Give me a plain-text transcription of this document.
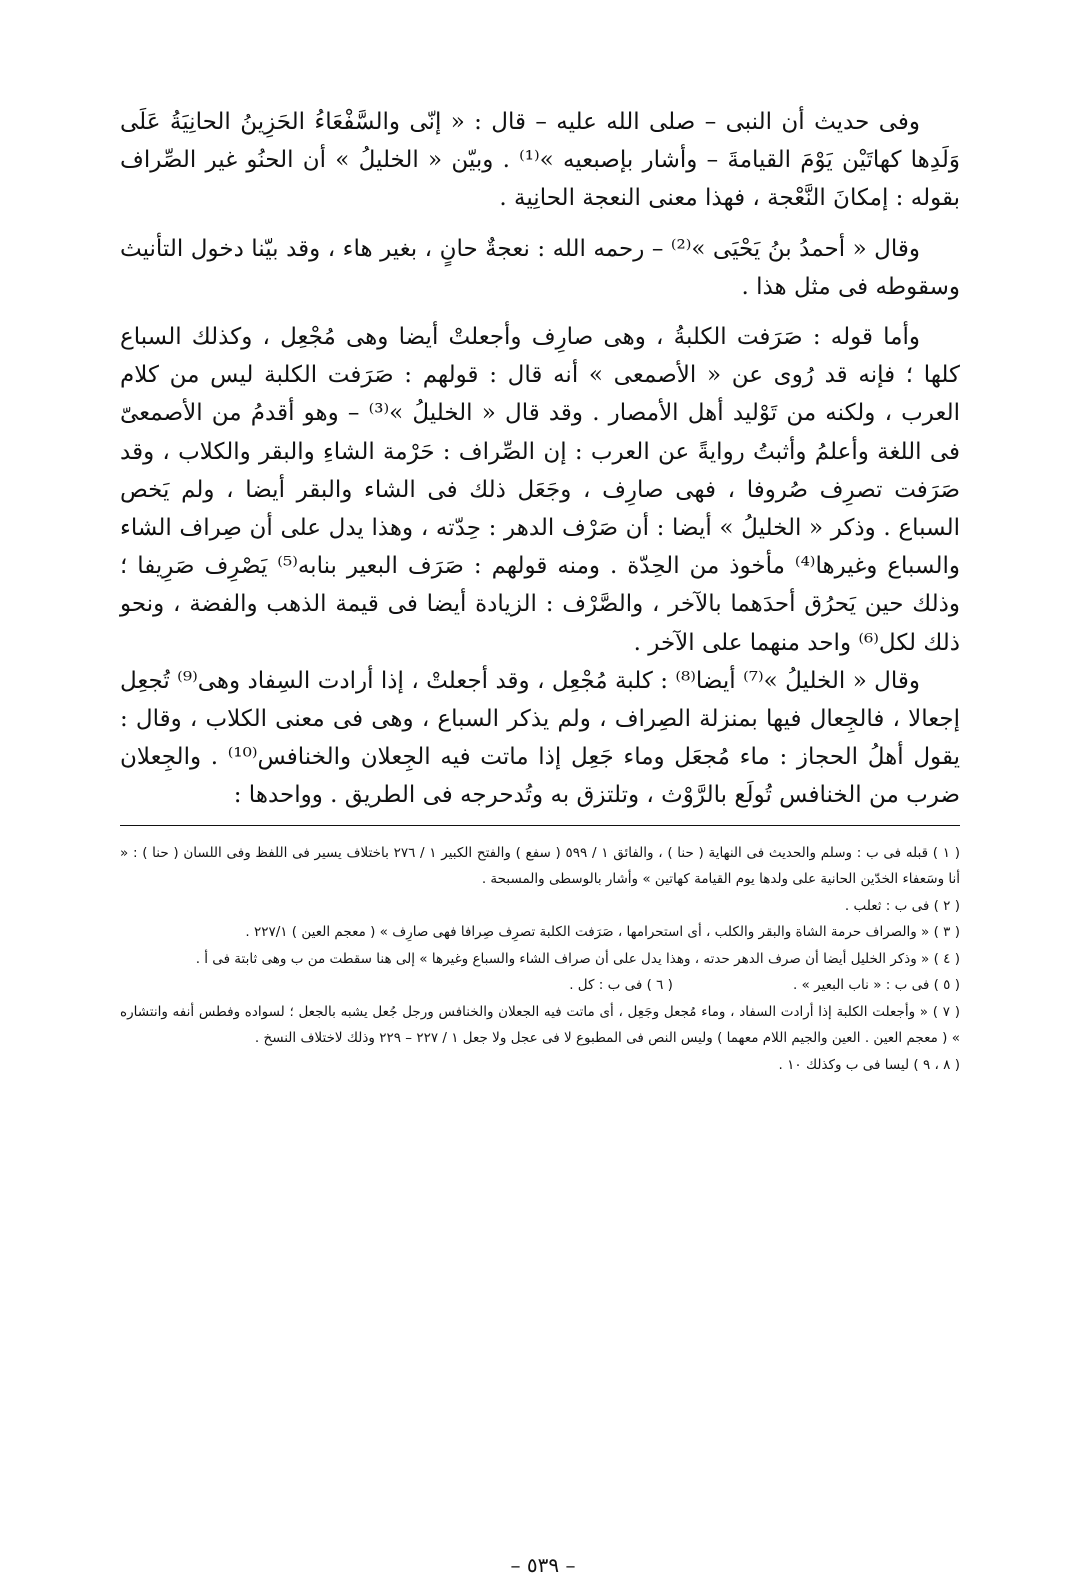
وفى حديث أن النبى – صلى الله عليه – قال : « إنّى والسَّفْعَاءُ الحَزِينُ الحانِيَةُ عَلَى وَلَدِها كهاتَيْن يَوْمَ القيامةَ – وأشار بإصبعيه »⁽¹⁾ . وبيّن « الخليلُ » أن الحنُو غير الصِّراف بقوله : إمكانَ النَّعْجة ، فهذا معنى النعجة الحانِية .

وقال « أحمدُ بنُ يَحْيَى »⁽²⁾ – رحمه الله : نعجةٌ حانٍ ، بغير هاء ، وقد بيّنا دخول التأنيث وسقوطه فى مثل هذا .

وأما قوله : صَرَفت الكلبةُ ، وهى صارِف وأجعلتْ أيضا وهى مُجْعِل ، وكذلك السباع كلها ؛ فإنه قد رُوى عن « الأصمعى » أنه قال : قولهم : صَرَفت الكلبة ليس من كلام العرب ، ولكنه من تَوْليد أهل الأمصار . وقد قال « الخليلُ »⁽³⁾ – وهو أقدمُ من الأصمعىّ فى اللغة وأعلمُ وأثبتُ روايةً عن العرب : إن الصِّراف : حَرْمة الشاءِ والبقر والكلاب ، وقد صَرَفت تصرِف صُروفا ، فهى صارِف ، وجَعَل ذلك فى الشاء والبقر أيضا ، ولم يَخص السباع . وذكر « الخليلُ » أيضا : أن صَرْف الدهر : حِدّته ، وهذا يدل على أن صِراف الشاء والسباع وغيرها⁽⁴⁾ مأخوذ من الحِدّة . ومنه قولهم : صَرَف البعير بنابه⁽⁵⁾ يَصْرِف صَرِيفا ؛ وذلك حين يَحرُق أحدَهما بالآخر ، والصَّرْف : الزيادة أيضا فى قيمة الذهب والفضة ، ونحو ذلك لكل⁽⁶⁾ واحد منهما على الآخر .

وقال « الخليلُ »⁽⁷⁾ أيضا⁽⁸⁾ : كلبة مُجْعِل ، وقد أجعلتْ ، إذا أرادت السِفاد وهى⁽⁹⁾ تُجعِل إجعالا ، فالجِعال فيها بمنزلة الصِراف ، ولم يذكر السباع ، وهى فى معنى الكلاب ، وقال : يقول أهلُ الحجاز : ماء مُجعَل وماء جَعِل إذا ماتت فيه الجِعلان والخنافس⁽¹⁰⁾ . والجِعلان ضرب من الخنافس تُولَع بالرَّوْث ، وتلتزق به وتُدحرجه فى الطريق . وواحدها :

( ١ ) قبله فى ب : وسلم والحديث فى النهاية ( حنا ) ، والفائق ١ / ٥٩٩ ( سفع ) والفتح الكبير ١ / ٢٧٦ باختلاف يسير فى اللفظ وفى اللسان ( حنا ) : « أنا وسَعفاء الخدّين الحانية على ولدها يوم القيامة كهاتين » وأشار بالوسطى والمسبحة .

( ٢ ) فى ب : ثعلب .

( ٣ ) « والصراف حرمة الشاة والبقر والكلب ، أى استحرامها ، صَرَفت الكلبة تصرِف صِرافا فهى صارِف » ( معجم العين ) ٢٢٧/١ .

( ٤ ) « وذكر الخليل أيضا أن صرف الدهر حدته ، وهذا يدل على أن صراف الشاء والسباع وغيرها » إلى هنا سقطت من ب وهى ثابتة فى أ .

( ٥ ) فى ب : « ناب البعير » .
( ٦ ) فى ب : كل .

( ٧ ) « وأجعلت الكلبة إذا أرادت السفاد ، وماء مُجعل وجَعِل ، أى ماتت فيه الجعلان والخنافس ورجل جُعل يشبه بالجعل ؛ لسواده وفطس أنفه وانتشاره » ( معجم العين . العين والجيم اللام معهما ) وليس النص فى المطبوع لا فى عجل ولا جعل ١ / ٢٢٧ – ٢٢٩ وذلك لاختلاف النسخ .

( ٨ ، ٩ ) ليسا فى ب وكذلك ١٠ .

– ٥٣٩ –
